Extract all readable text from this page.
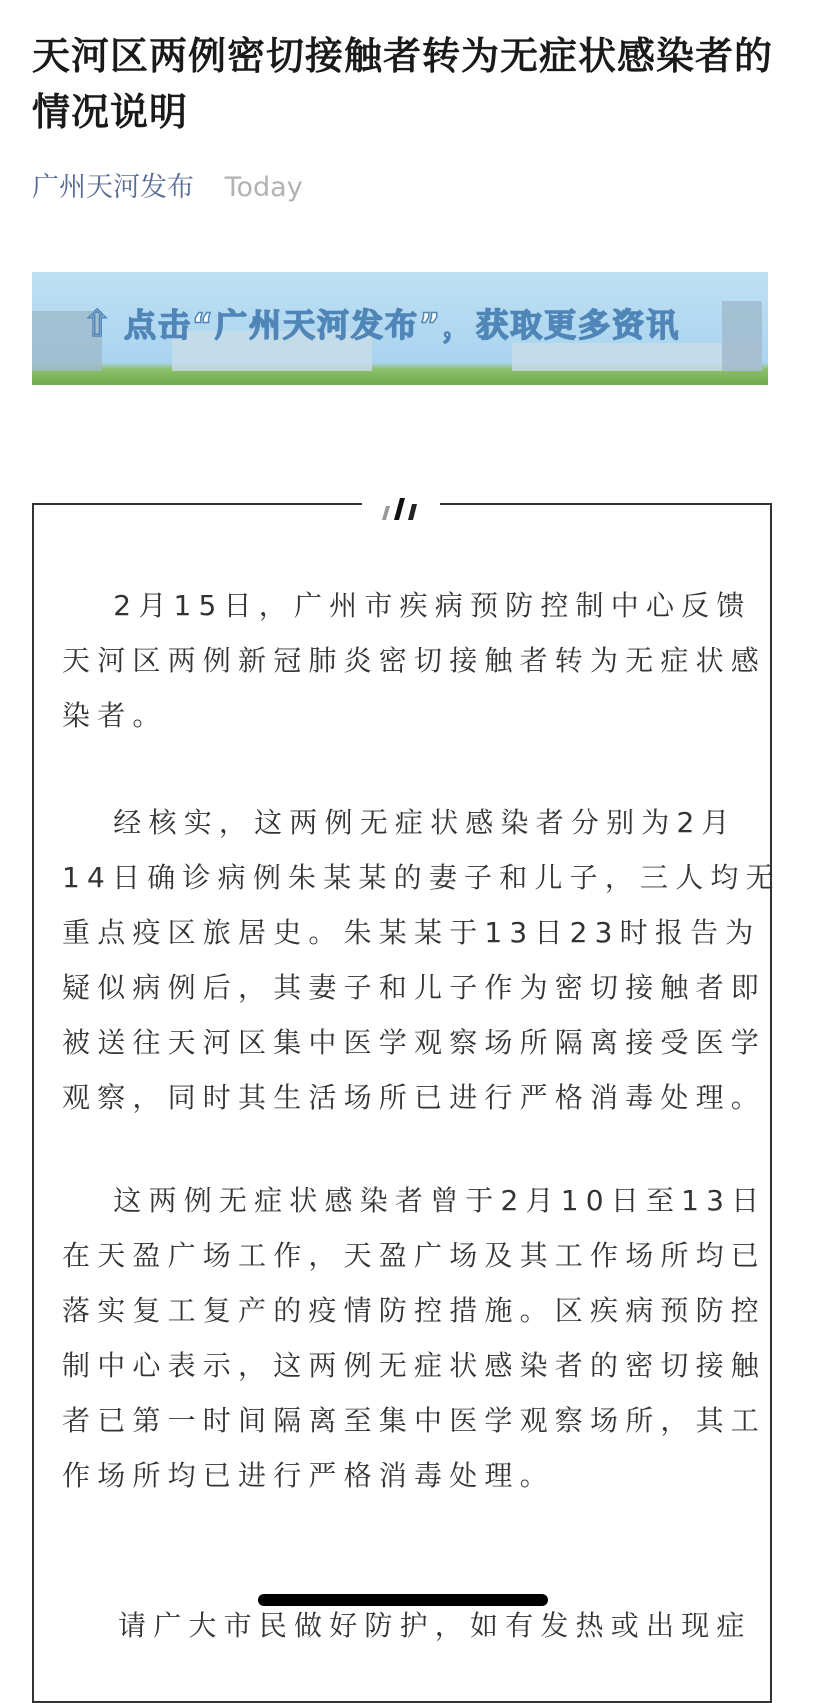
天河区两例密切接触者转为无症状感染者的情况说明
广州天河发布 Today
⇧ 点击“广州天河发布”，获取更多资讯
　 2月15日，广州市疾病预防控制中心反馈
天河区两例新冠肺炎密切接触者转为无症状感
染者。
　 经核实，这两例无症状感染者分别为2月
14日确诊病例朱某某的妻子和儿子，三人均无
重点疫区旅居史。朱某某于13日23时报告为
疑似病例后，其妻子和儿子作为密切接触者即
被送往天河区集中医学观察场所隔离接受医学
观察，同时其生活场所已进行严格消毒处理。
　 这两例无症状感染者曾于2月10日至13日
在天盈广场工作，天盈广场及其工作场所均已
落实复工复产的疫情防控措施。区疾病预防控
制中心表示，这两例无症状感染者的密切接触
者已第一时间隔离至集中医学观察场所，其工
作场所均已进行严格消毒处理。
请广大市民做好防护，如有发热或出现症
